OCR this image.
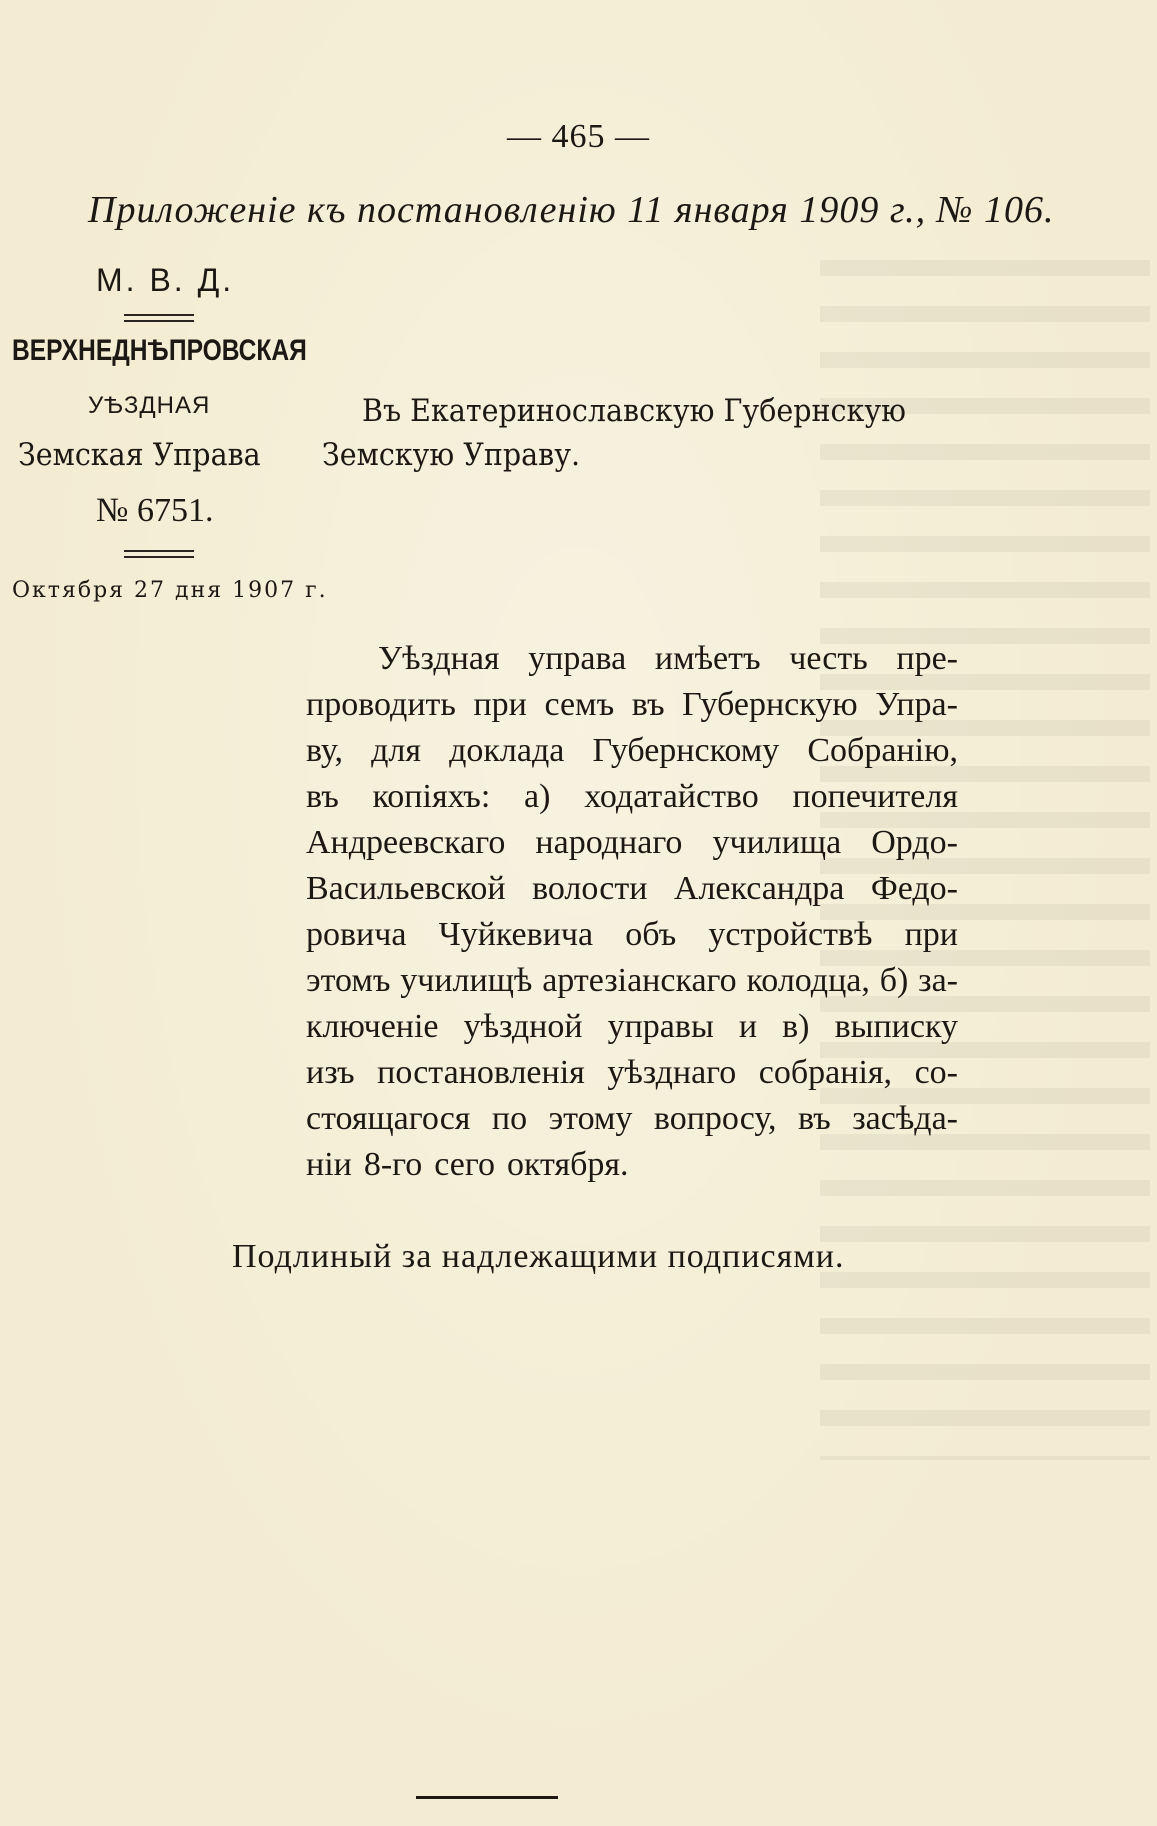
— 465 —
Приложеніе къ постановленію 11 января 1909 г., № 106.
М. В. Д.
ВЕРХНЕДНѢПРОВСКАЯ
УѢЗДНАЯ
Земская Управа
№ 6751.
Октября 27 дня 1907 г.
Въ Екатеринославскую Губернскую
Земскую Управу.
Уѣздная управа имѣетъ честь пре-
проводить при семъ въ Губернскую Упра-
ву, для доклада Губернскому Собранію,
въ копіяхъ: а) ходатайство попечителя
Андреевскаго народнаго училища Ордо-
Васильевской волости Александра Федо-
ровича Чуйкевича объ устройствѣ при
этомъ училищѣ артезіанскаго колодца, б) за-
ключеніе уѣздной управы и в) выписку
изъ постановленія уѣзднаго собранія, со-
стоящагося по этому вопросу, въ засѣда-
ніи 8-го сего октября.
Подлиный за надлежащими подписями.
